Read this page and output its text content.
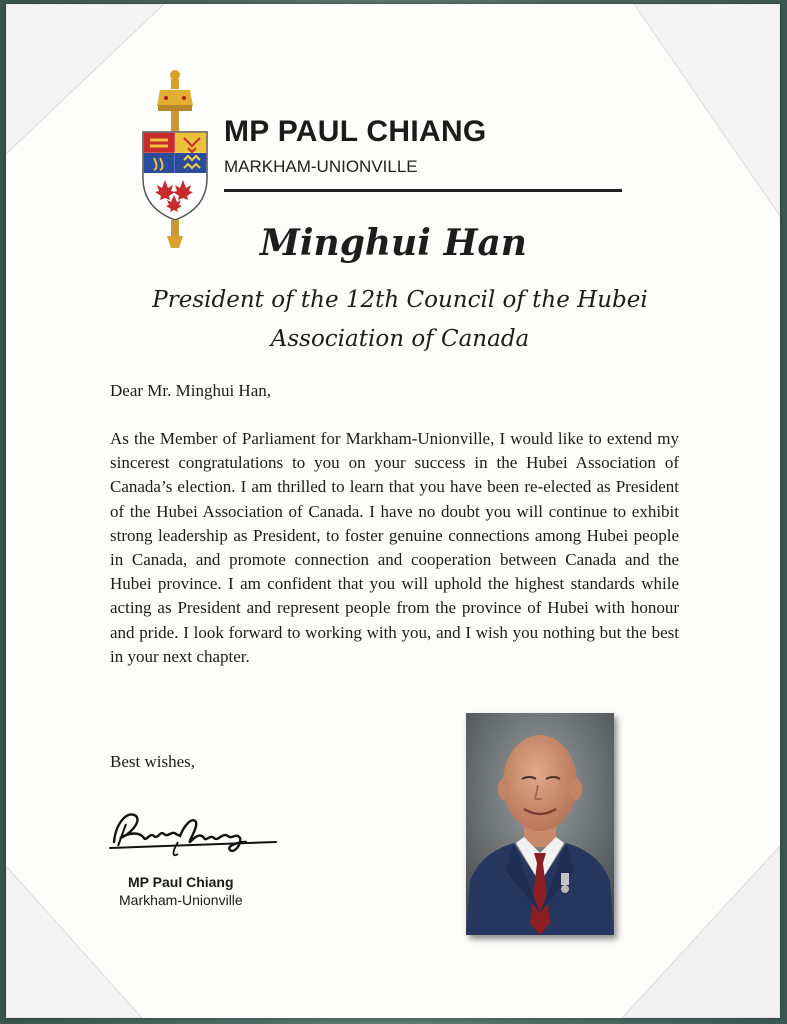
MP PAUL CHIANG

MARKHAM-UNIONVILLE

Minghui Han

President of the 12th Council of the Hubei Association of Canada

Dear Mr. Minghui Han,

As the Member of Parliament for Markham-Unionville, I would like to extend my sincerest congratulations to you on your success in the Hubei Association of Canada’s election. I am thrilled to learn that you have been re-elected as President of the Hubei Association of Canada. I have no doubt you will continue to exhibit strong leadership as President, to foster genuine connections among Hubei people in Canada, and promote connection and cooperation between Canada and the Hubei province. I am confident that you will uphold the highest standards while acting as President and represent people from the province of Hubei with honour and pride. I look forward to working with you, and I wish you nothing but the best in your next chapter.

Best wishes,

MP Paul Chiang

Markham-Unionville
